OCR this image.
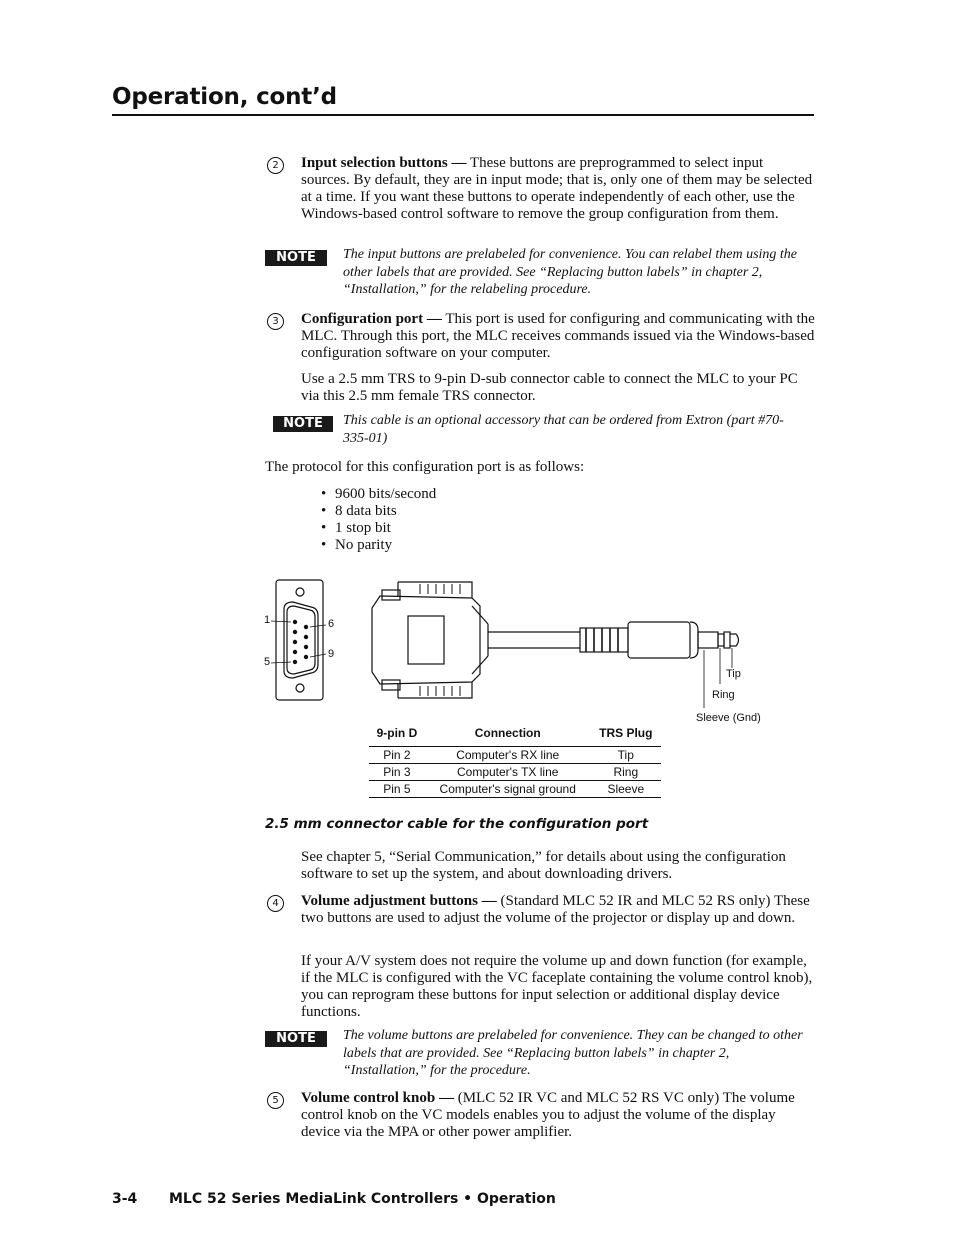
Operation, cont’d
2	Input selection buttons — These buttons are preprogrammed to select input sources. By default, they are in input mode; that is, only one of them may be selected at a time. If you want these buttons to operate independently of each other, use the Windows-based control software to remove the group configuration from them.
NOTE	The input buttons are prelabeled for convenience. You can relabel them using the other labels that are provided. See “Replacing button labels” in chapter 2, “Installation,” for the relabeling procedure.
3	Configuration port — This port is used for configuring and communicating with the MLC. Through this port, the MLC receives commands issued via the Windows-based configuration software on your computer.
Use a 2.5 mm TRS to 9-pin D-sub connector cable to connect the MLC to your PC via this 2.5 mm female TRS connector.
NOTE	This cable is an optional accessory that can be ordered from Extron (part #70-335-01)
The protocol for this configuration port is as follows:
• 9600 bits/second
• 8 data bits
• 1 stop bit
• No parity
1
5
6
9
Tip
Ring
Sleeve (Gnd)
9-pin D	Connection	TRS Plug
Pin 2	Computer's RX line	Tip
Pin 3	Computer's TX line	Ring
Pin 5	Computer's signal ground	Sleeve
2.5 mm connector cable for the configuration port
See chapter 5, “Serial Communication,” for details about using the configuration software to set up the system, and about downloading drivers.
4	Volume adjustment buttons — (Standard MLC 52 IR and MLC 52 RS only) These two buttons are used to adjust the volume of the projector or display up and down.
If your A/V system does not require the volume up and down function (for example, if the MLC is configured with the VC faceplate containing the volume control knob), you can reprogram these buttons for input selection or additional display device functions.
NOTE	The volume buttons are prelabeled for convenience. They can be changed to other labels that are provided. See “Replacing button labels” in chapter 2, “Installation,” for the procedure.
5	Volume control knob — (MLC 52 IR VC and MLC 52 RS VC only) The volume control knob on the VC models enables you to adjust the volume of the display device via the MPA or other power amplifier.
3-4 MLC 52 Series MediaLink Controllers • Operation
